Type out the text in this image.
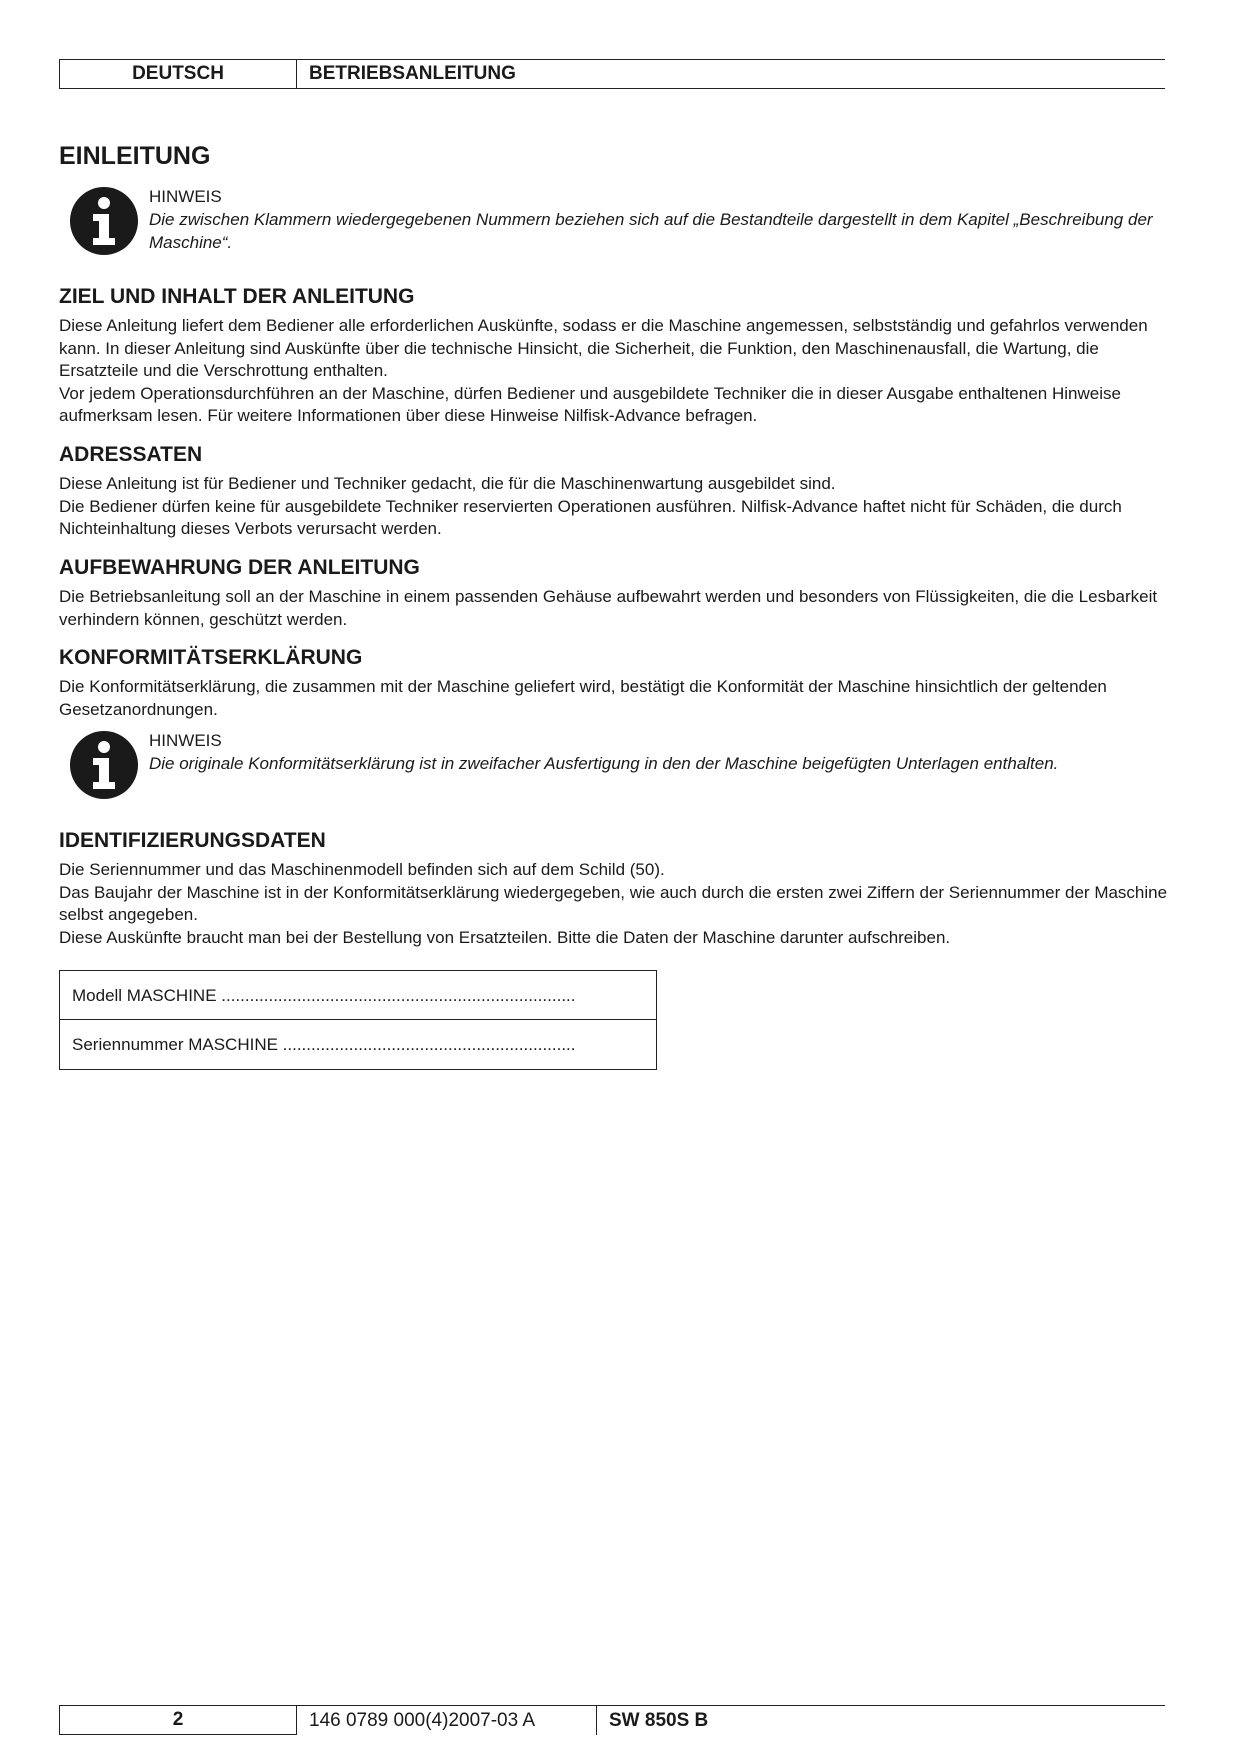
DEUTSCH	BETRIEBSANLEITUNG
EINLEITUNG
HINWEIS
Die zwischen Klammern wiedergegebenen Nummern beziehen sich auf die Bestandteile dargestellt in dem Kapitel „Beschreibung der Maschine“.
ZIEL UND INHALT DER ANLEITUNG
Diese Anleitung liefert dem Bediener alle erforderlichen Auskünfte, sodass er die Maschine angemessen, selbstständig und gefahrlos verwenden kann. In dieser Anleitung sind Auskünfte über die technische Hinsicht, die Sicherheit, die Funktion, den Maschinenausfall, die Wartung, die Ersatzteile und die Verschrottung enthalten.
Vor jedem Operationsdurchführen an der Maschine, dürfen Bediener und ausgebildete Techniker die in dieser Ausgabe enthaltenen Hinweise aufmerksam lesen. Für weitere Informationen über diese Hinweise Nilfisk-Advance befragen.
ADRESSATEN
Diese Anleitung ist für Bediener und Techniker gedacht, die für die Maschinenwartung ausgebildet sind.
Die Bediener dürfen keine für ausgebildete Techniker reservierten Operationen ausführen. Nilfisk-Advance haftet nicht für Schäden, die durch Nichteinhaltung dieses Verbots verursacht werden.
AUFBEWAHRUNG DER ANLEITUNG
Die Betriebsanleitung soll an der Maschine in einem passenden Gehäuse aufbewahrt werden und besonders von Flüssigkeiten, die die Lesbarkeit verhindern können, geschützt werden.
KONFORMITÄTSERKLÄRUNG
Die Konformitätserklärung, die zusammen mit der Maschine geliefert wird, bestätigt die Konformität der Maschine hinsichtlich der geltenden Gesetzanordnungen.
HINWEIS
Die originale Konformitätserklärung ist in zweifacher Ausfertigung in den der Maschine beigefügten Unterlagen enthalten.
IDENTIFIZIERUNGSDATEN
Die Seriennummer und das Maschinenmodell befinden sich auf dem Schild (50).
Das Baujahr der Maschine ist in der Konformitätserklärung wiedergegeben, wie auch durch die ersten zwei Ziffern der Seriennummer der Maschine selbst angegeben.
Diese Auskünfte braucht man bei der Bestellung von Ersatzteilen. Bitte die Daten der Maschine darunter aufschreiben.
Modell MASCHINE ...........................................................................
Seriennummer MASCHINE ..............................................................
2	146 0789 000(4)2007-03 A	SW 850S B
